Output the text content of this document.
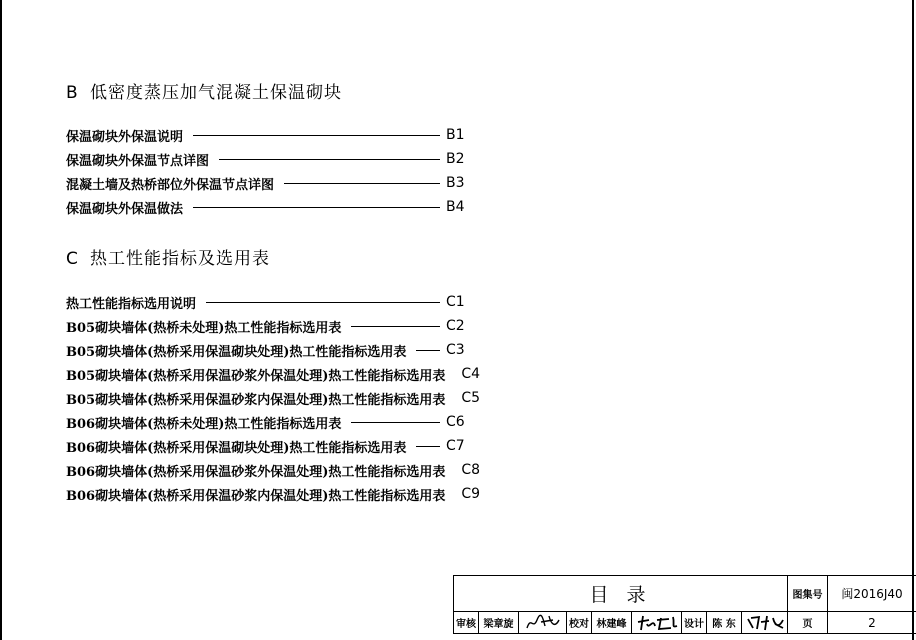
B 低密度蒸压加气混凝土保温砌块
保温砌块外保温说明	B1
保温砌块外保温节点详图	B2
混凝土墙及热桥部位外保温节点详图	B3
保温砌块外保温做法	B4
C 热工性能指标及选用表
热工性能指标选用说明	C1
B05砌块墙体(热桥未处理)热工性能指标选用表	C2
B05砌块墙体(热桥采用保温砌块处理)热工性能指标选用表	C3
B05砌块墙体(热桥采用保温砂浆外保温处理)热工性能指标选用表 C4
B05砌块墙体(热桥采用保温砂浆内保温处理)热工性能指标选用表 C5
B06砌块墙体(热桥未处理)热工性能指标选用表	C6
B06砌块墙体(热桥采用保温砌块处理)热工性能指标选用表	C7
B06砌块墙体(热桥采用保温砂浆外保温处理)热工性能指标选用表 C8
B06砌块墙体(热桥采用保温砂浆内保温处理)热工性能指标选用表 C9
目 录	图集号	闽2016J40
审核 梁章旋	校对 林建峰	设计 陈 东	页	2
